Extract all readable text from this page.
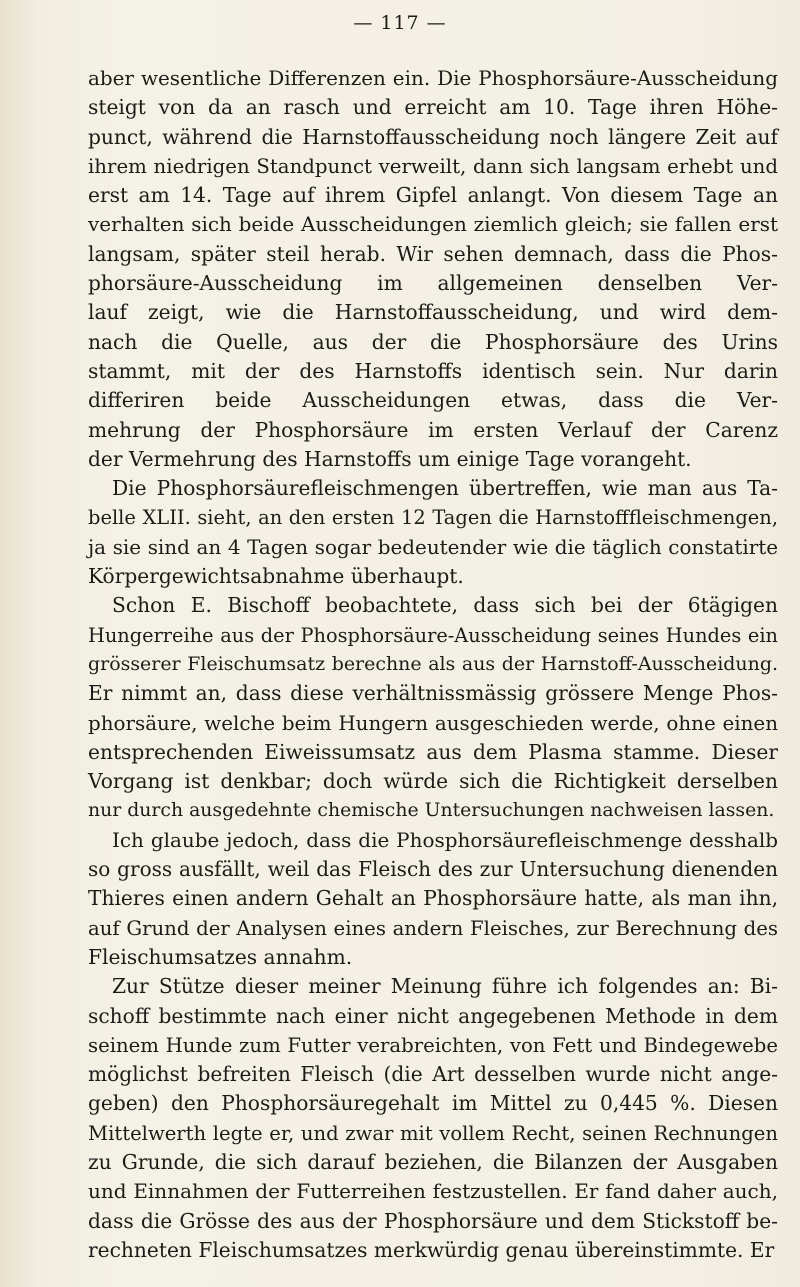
— 117 —
aber wesentliche Differenzen ein. Die Phosphorsäure-Ausscheidung
steigt von da an rasch und erreicht am 10. Tage ihren Höhe-
punct, während die Harnstoffausscheidung noch längere Zeit auf
ihrem niedrigen Standpunct verweilt, dann sich langsam erhebt und
erst am 14. Tage auf ihrem Gipfel anlangt. Von diesem Tage an
verhalten sich beide Ausscheidungen ziemlich gleich; sie fallen erst
langsam, später steil herab. Wir sehen demnach, dass die Phos-
phorsäure-Ausscheidung im allgemeinen denselben Ver-
lauf zeigt, wie die Harnstoffausscheidung, und wird dem-
nach die Quelle, aus der die Phosphorsäure des Urins
stammt, mit der des Harnstoffs identisch sein. Nur darin
differiren beide Ausscheidungen etwas, dass die Ver-
mehrung der Phosphorsäure im ersten Verlauf der Carenz
der Vermehrung des Harnstoffs um einige Tage vorangeht.
Die Phosphorsäurefleischmengen übertreffen, wie man aus Ta-
belle XLII. sieht, an den ersten 12 Tagen die Harnstofffleischmengen,
ja sie sind an 4 Tagen sogar bedeutender wie die täglich constatirte
Körpergewichtsabnahme überhaupt.
Schon E. Bischoff beobachtete, dass sich bei der 6tägigen
Hungerreihe aus der Phosphorsäure-Ausscheidung seines Hundes ein
grösserer Fleischumsatz berechne als aus der Harnstoff-Ausscheidung.
Er nimmt an, dass diese verhältnissmässig grössere Menge Phos-
phorsäure, welche beim Hungern ausgeschieden werde, ohne einen
entsprechenden Eiweissumsatz aus dem Plasma stamme. Dieser
Vorgang ist denkbar; doch würde sich die Richtigkeit derselben
nur durch ausgedehnte chemische Untersuchungen nachweisen lassen.
Ich glaube jedoch, dass die Phosphorsäurefleischmenge desshalb
so gross ausfällt, weil das Fleisch des zur Untersuchung dienenden
Thieres einen andern Gehalt an Phosphorsäure hatte, als man ihn,
auf Grund der Analysen eines andern Fleisches, zur Berechnung des
Fleischumsatzes annahm.
Zur Stütze dieser meiner Meinung führe ich folgendes an: Bi-
schoff bestimmte nach einer nicht angegebenen Methode in dem
seinem Hunde zum Futter verabreichten, von Fett und Bindegewebe
möglichst befreiten Fleisch (die Art desselben wurde nicht ange-
geben) den Phosphorsäuregehalt im Mittel zu 0,445 %. Diesen
Mittelwerth legte er, und zwar mit vollem Recht, seinen Rechnungen
zu Grunde, die sich darauf beziehen, die Bilanzen der Ausgaben
und Einnahmen der Futterreihen festzustellen. Er fand daher auch,
dass die Grösse des aus der Phosphorsäure und dem Stickstoff be-
rechneten Fleischumsatzes merkwürdig genau übereinstimmte. Er
